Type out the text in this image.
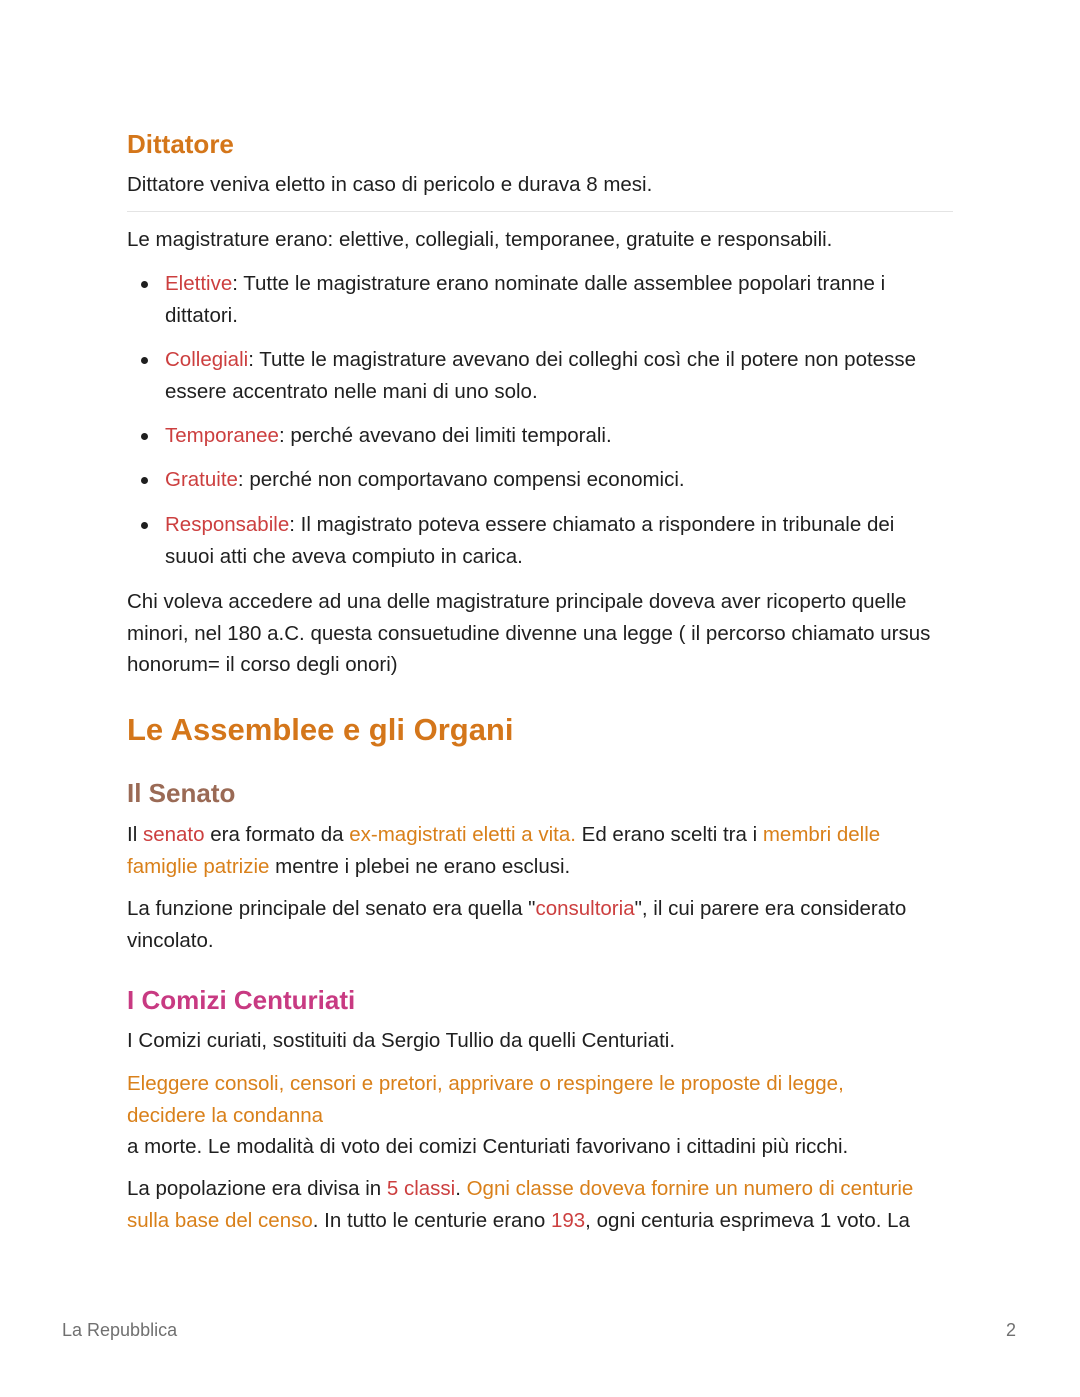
Dittatore

Dittatore veniva eletto in caso di pericolo e durava 8 mesi.

Le magistrature erano: elettive, collegiali, temporanee, gratuite e responsabili.

Elettive: Tutte le magistrature erano nominate dalle assemblee popolari tranne i dittatori.
Collegiali: Tutte le magistrature avevano dei colleghi così che il potere non potesse essere accentrato nelle mani di uno solo.
Temporanee: perché avevano dei limiti temporali.
Gratuite: perché non comportavano compensi economici.
Responsabile: Il magistrato poteva essere chiamato a rispondere in tribunale dei suuoi atti che aveva compiuto in carica.

Chi voleva accedere ad una delle magistrature principale doveva aver ricoperto quelle minori, nel 180 a.C. questa consuetudine divenne una legge ( il percorso chiamato ursus honorum= il corso degli onori)

Le Assemblee e gli Organi
Il Senato

Il senato era formato da ex-magistrati eletti a vita. Ed erano scelti tra i membri delle famiglie patrizie mentre i plebei ne erano esclusi.

La funzione principale del senato era quella "consultoria", il cui parere era considerato vincolato.

I Comizi Centuriati

I Comizi curiati, sostituiti da Sergio Tullio da quelli Centuriati.

Eleggere consoli, censori e pretori, apprivare o respingere le proposte di legge, decidere la condanna

a morte. Le modalità di voto dei comizi Centuriati favorivano i cittadini più ricchi.

La popolazione era divisa in 5 classi. Ogni classe doveva fornire un numero di centurie sulla base del censo. In tutto le centurie erano 193, ogni centuria esprimeva 1 voto. La

La Repubblica	2
